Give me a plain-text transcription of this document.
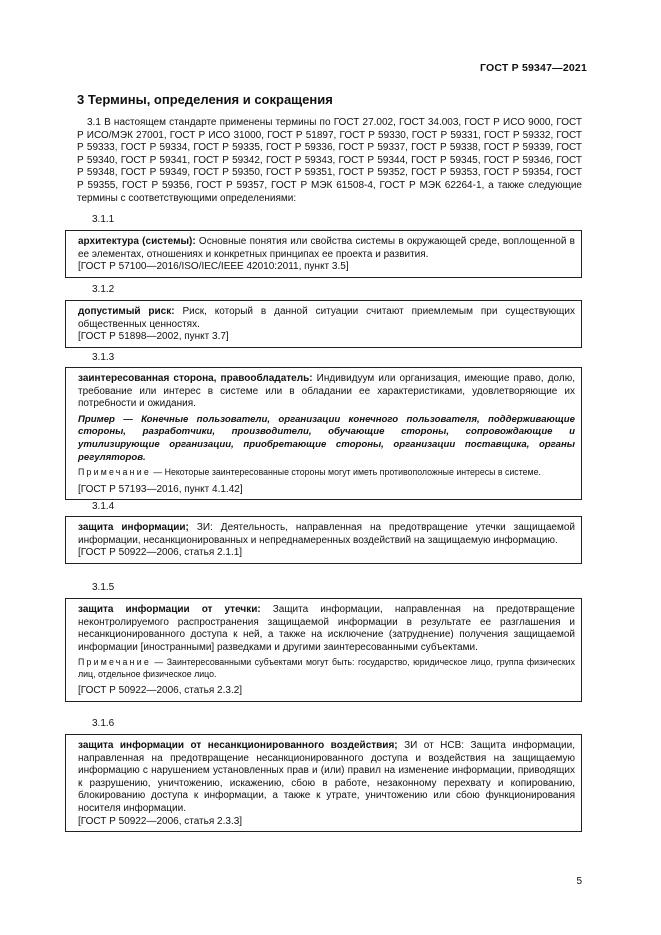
ГОСТ Р 59347—2021
3 Термины, определения и сокращения
3.1 В настоящем стандарте применены термины по ГОСТ 27.002, ГОСТ 34.003, ГОСТ Р ИСО 9000, ГОСТ Р ИСО/МЭК 27001, ГОСТ Р ИСО 31000, ГОСТ Р 51897, ГОСТ Р 59330, ГОСТ Р 59331, ГОСТ Р 59332, ГОСТ Р 59333, ГОСТ Р 59334, ГОСТ Р 59335, ГОСТ Р 59336, ГОСТ Р 59337, ГОСТ Р 59338, ГОСТ Р 59339, ГОСТ Р 59340, ГОСТ Р 59341, ГОСТ Р 59342, ГОСТ Р 59343, ГОСТ Р 59344, ГОСТ Р 59345, ГОСТ Р 59346, ГОСТ Р 59348, ГОСТ Р 59349, ГОСТ Р 59350, ГОСТ Р 59351, ГОСТ Р 59352, ГОСТ Р 59353, ГОСТ Р 59354, ГОСТ Р 59355, ГОСТ Р 59356, ГОСТ Р 59357, ГОСТ Р МЭК 61508-4, ГОСТ Р МЭК 62264-1, а также следующие термины с соответствующими определениями:
3.1.1

архитектура (системы): Основные понятия или свойства системы в окружающей среде, воплощенной в ее элементах, отношениях и конкретных принципах ее проекта и развития.

[ГОСТ Р 57100—2016/ISO/IEC/IEEE 42010:2011, пункт 3.5]

3.1.2

допустимый риск: Риск, который в данной ситуации считают приемлемым при существующих общественных ценностях.

[ГОСТ Р 51898—2002, пункт 3.7]

3.1.3

заинтересованная сторона, правообладатель: Индивидуум или организация, имеющие право, долю, требование или интерес в системе или в обладании ее характеристиками, удовлетворяющие их потребности и ожидания.

Пример — Конечные пользователи, организации конечного пользователя, поддерживающие стороны, разработчики, производители, обучающие стороны, сопровождающие и утилизирующие организации, приобретающие стороны, организации поставщика, органы регуляторов.

Примечание — Некоторые заинтересованные стороны могут иметь противоположные интересы в системе.

[ГОСТ Р 57193—2016, пункт 4.1.42]

3.1.4

защита информации; ЗИ: Деятельность, направленная на предотвращение утечки защищаемой информации, несанкционированных и непреднамеренных воздействий на защищаемую информацию.

[ГОСТ Р 50922—2006, статья 2.1.1]

3.1.5

защита информации от утечки: Защита информации, направленная на предотвращение неконтролируемого распространения защищаемой информации в результате ее разглашения и несанкционированного доступа к ней, а также на исключение (затруднение) получения защищаемой информации [иностранными] разведками и другими заинтересованными субъектами.

Примечание — Заинтересованными субъектами могут быть: государство, юридическое лицо, группа физических лиц, отдельное физическое лицо.

[ГОСТ Р 50922—2006, статья 2.3.2]

3.1.6

защита информации от несанкционированного воздействия; ЗИ от НСВ: Защита информации, направленная на предотвращение несанкционированного доступа и воздействия на защищаемую информацию с нарушением установленных прав и (или) правил на изменение информации, приводящих к разрушению, уничтожению, искажению, сбою в работе, незаконному перехвату и копированию, блокированию доступа к информации, а также к утрате, уничтожению или сбою функционирования носителя информации.

[ГОСТ Р 50922—2006, статья 2.3.3]

5
